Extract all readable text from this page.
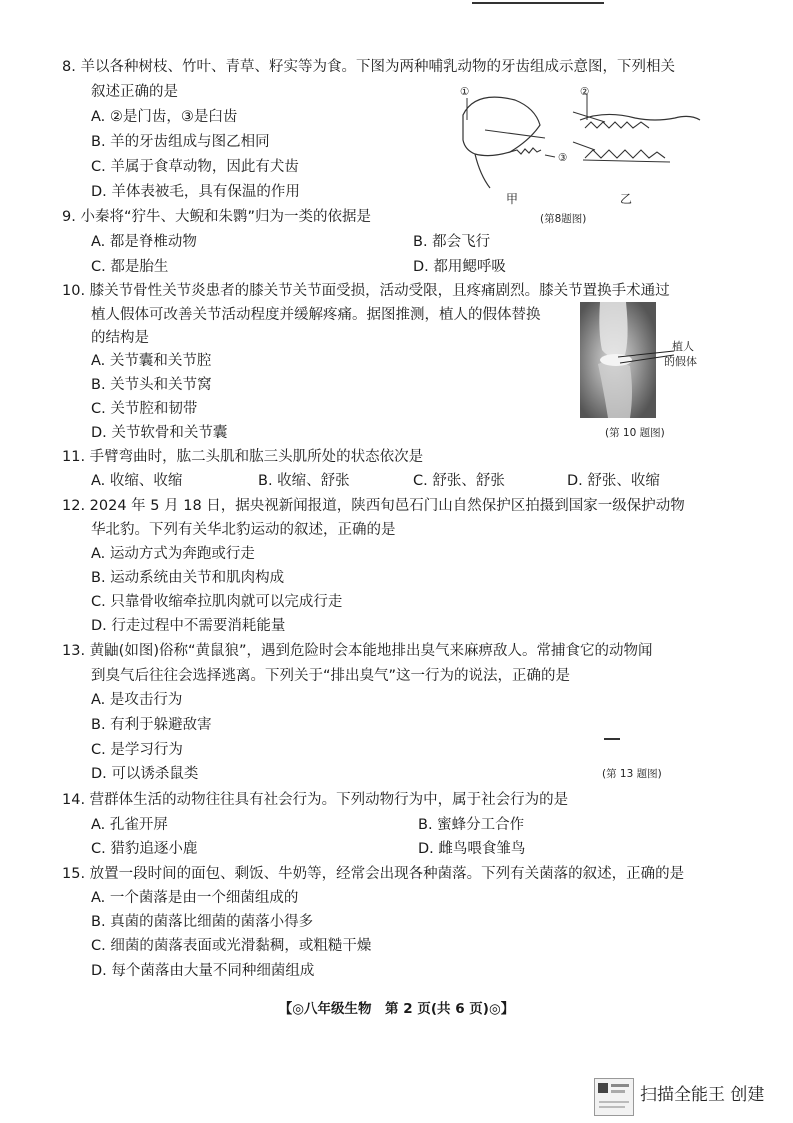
8. 羊以各种树枝、竹叶、青草、籽实等为食。下图为两种哺乳动物的牙齿组成示意图，下列相关
叙述正确的是
A. ②是门齿，③是臼齿
B. 羊的牙齿组成与图乙相同
C. 羊属于食草动物，因此有犬齿
D. 羊体表被毛，具有保温的作用
①	②
③
甲	乙
(第8题图)
9. 小秦将“狞牛、大鲵和朱鹮”归为一类的依据是
A. 都是脊椎动物	B. 都会飞行
C. 都是胎生	D. 都用鳃呼吸
10. 膝关节骨性关节炎患者的膝关节关节面受损，活动受限，且疼痛剧烈。膝关节置换手术通过
植人假体可改善关节活动程度并缓解疼痛。据图推测，植人的假体替换
的结构是
A. 关节囊和关节腔
B. 关节头和关节窝
C. 关节腔和韧带
D. 关节软骨和关节囊
植人
的假体
(第 10 题图)
11. 手臂弯曲时，肱二头肌和肱三头肌所处的状态依次是
A. 收缩、收缩	B. 收缩、舒张	C. 舒张、舒张	D. 舒张、收缩
12. 2024 年 5 月 18 日，据央视新闻报道，陕西旬邑石门山自然保护区拍摄到国家一级保护动物
华北豹。下列有关华北豹运动的叙述，正确的是
A. 运动方式为奔跑或行走
B. 运动系统由关节和肌肉构成
C. 只靠骨收缩牵拉肌肉就可以完成行走
D. 行走过程中不需要消耗能量
13. 黄鼬(如图)俗称“黄鼠狼”，遇到危险时会本能地排出臭气来麻痹敌人。常捕食它的动物闻
到臭气后往往会选择逃离。下列关于“排出臭气”这一行为的说法，正确的是
A. 是攻击行为
B. 有利于躲避敌害
C. 是学习行为
D. 可以诱杀鼠类	(第 13 题图)
14. 营群体生活的动物往往具有社会行为。下列动物行为中，属于社会行为的是
A. 孔雀开屏	B. 蜜蜂分工合作
C. 猎豹追逐小鹿	D. 雌鸟喂食雏鸟
15. 放置一段时间的面包、剩饭、牛奶等，经常会出现各种菌落。下列有关菌落的叙述，正确的是
A. 一个菌落是由一个细菌组成的
B. 真菌的菌落比细菌的菌落小得多
C. 细菌的菌落表面或光滑黏稠，或粗糙干燥
D. 每个菌落由大量不同种细菌组成
【◎八年级生物　第 2 页(共 6 页)◎】
扫描全能王 创建
